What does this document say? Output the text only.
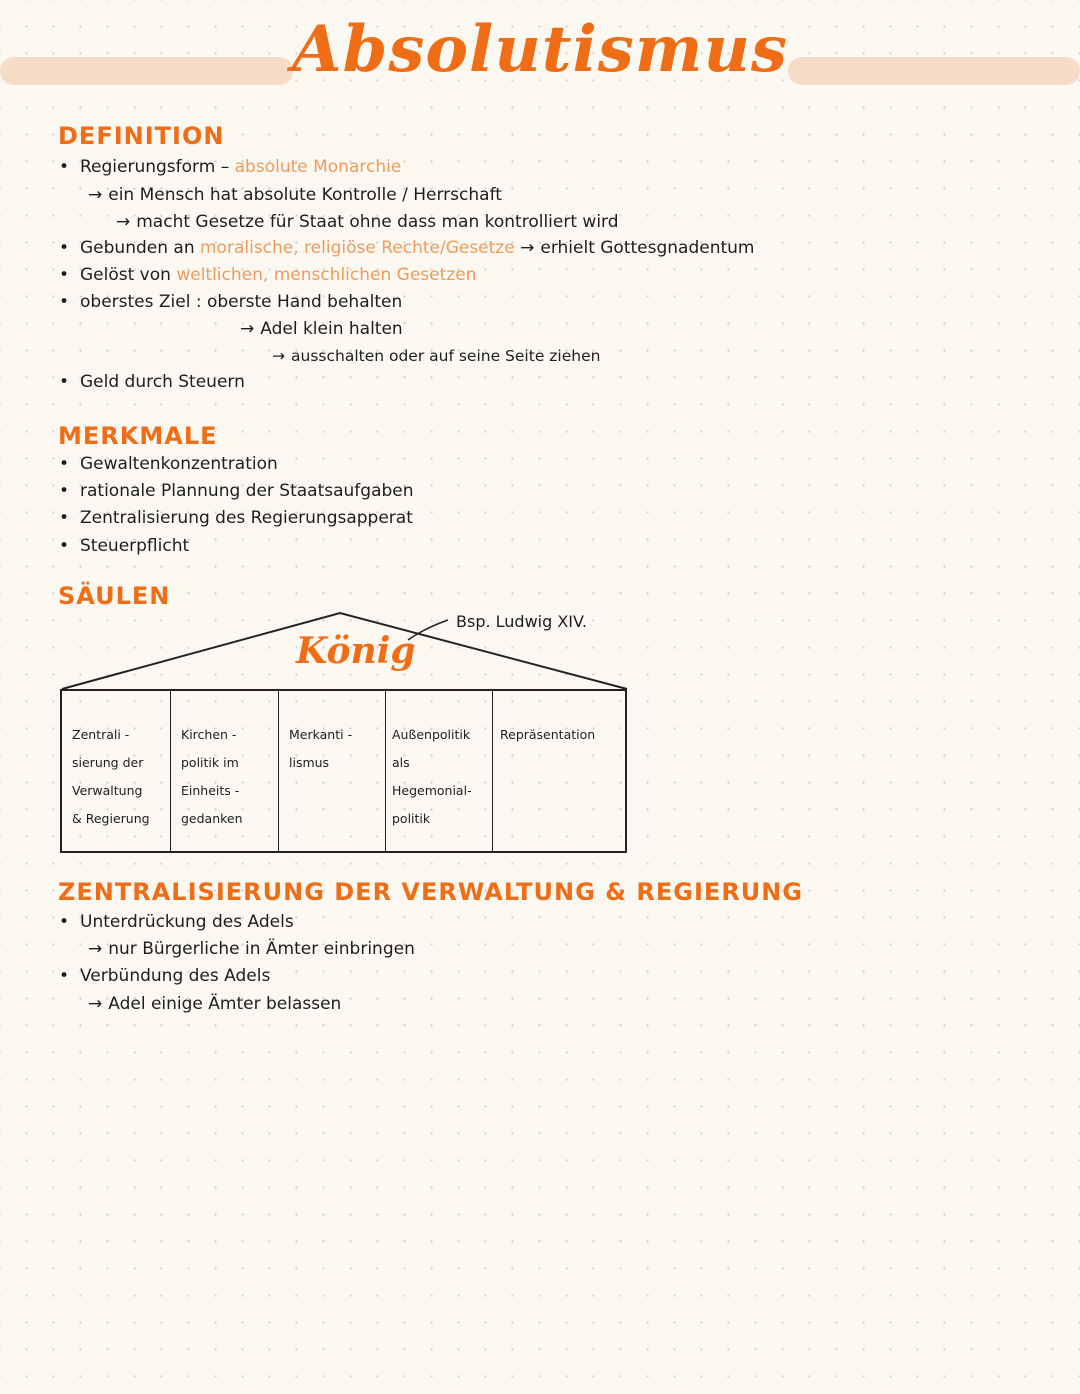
Absolutismus
DEFINITION
• Regierungsform – absolute Monarchie
→ ein Mensch hat absolute Kontrolle / Herrschaft
→ macht Gesetze für Staat ohne dass man kontrolliert wird
• Gebunden an moralische, religiöse Rechte/Gesetze → erhielt Gottesgnadentum
• Gelöst von weltlichen, menschlichen Gesetzen
• oberstes Ziel : oberste Hand behalten
→ Adel klein halten
→ ausschalten oder auf seine Seite ziehen
• Geld durch Steuern
MERKMALE
• Gewaltenkonzentration
• rationale Plannung der Staatsaufgaben
• Zentralisierung des Regierungsapperat
• Steuerpflicht
SÄULEN
König
Bsp. Ludwig XIV.
Zentrali -
sierung der
Verwaltung
& Regierung
Kirchen -
politik im
Einheits -
gedanken
Merkanti -
lismus
Außenpolitik
als
Hegemonial-
politik
Repräsentation
ZENTRALISIERUNG DER VERWALTUNG & REGIERUNG
• Unterdrückung des Adels
→ nur Bürgerliche in Ämter einbringen
• Verbündung des Adels
→ Adel einige Ämter belassen
